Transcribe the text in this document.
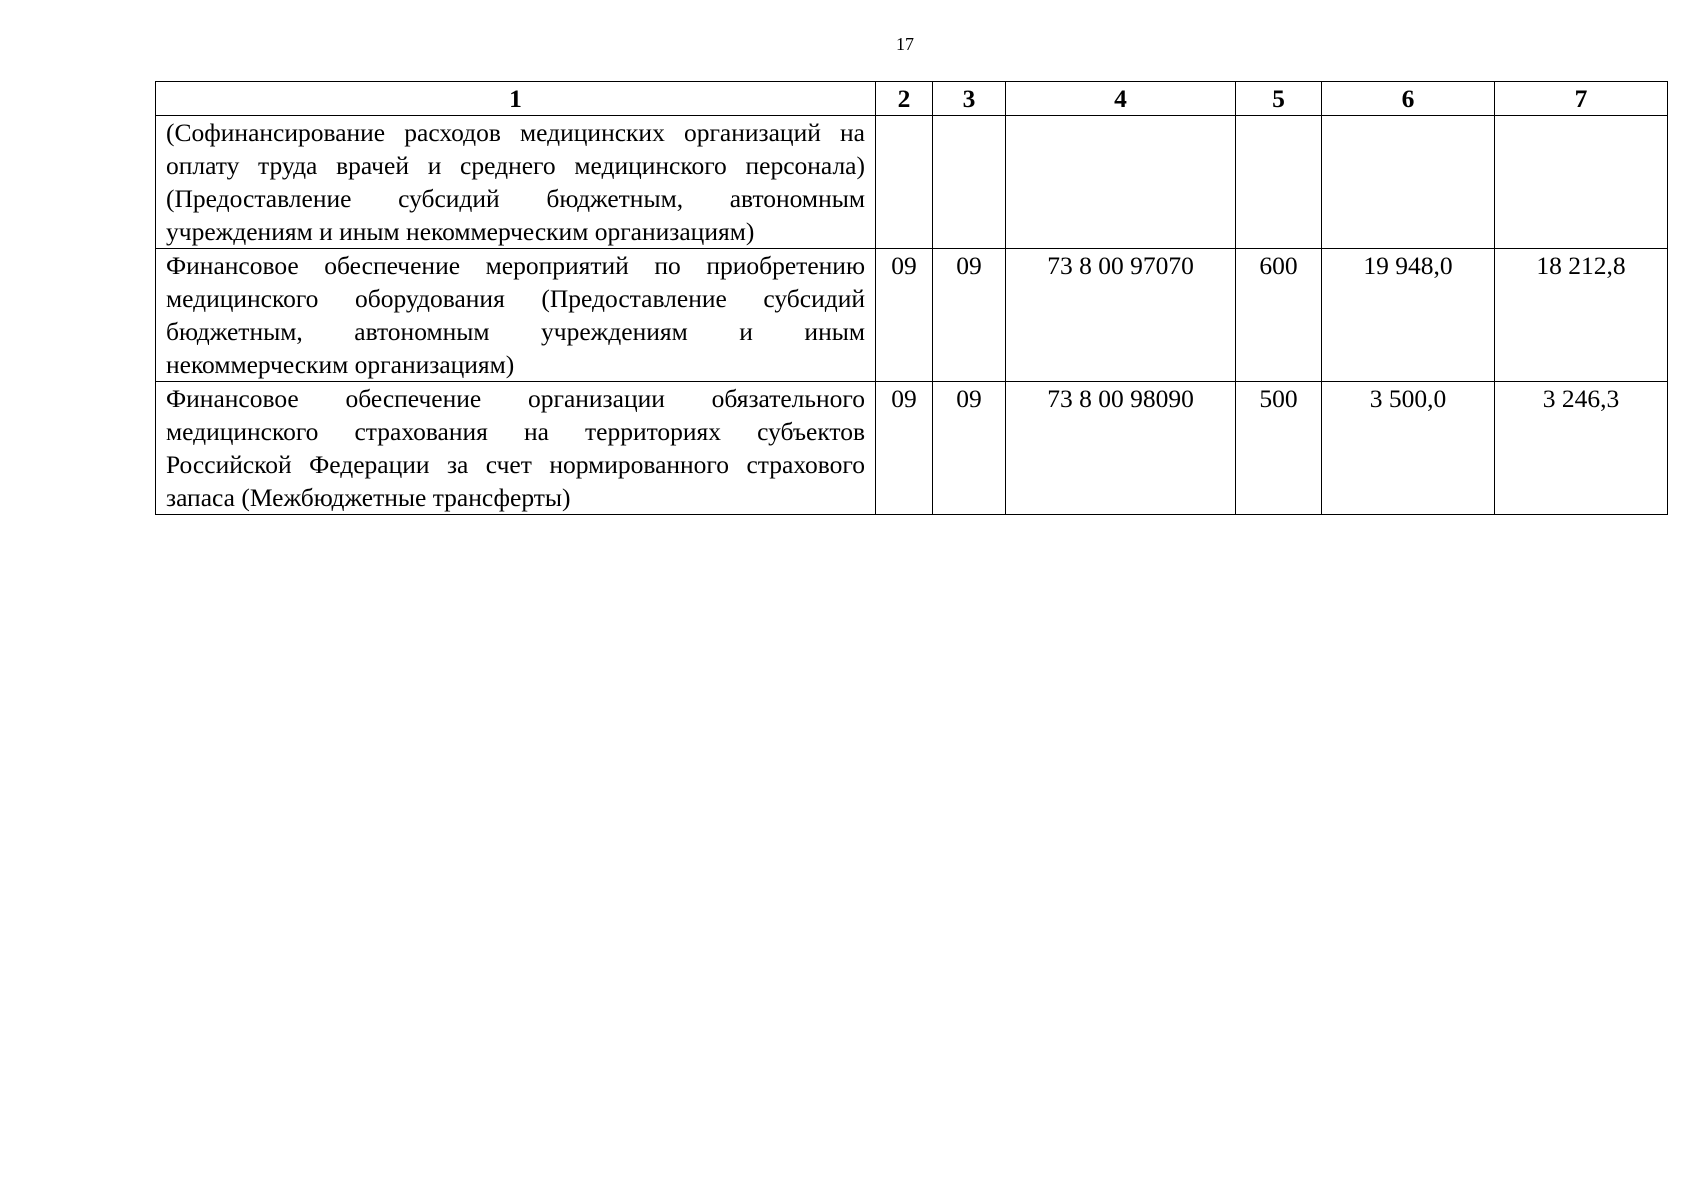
17
1	2	3	4	5	6	7
(Софинансирование расходов медицинских организаций на оплату труда врачей и среднего медицинского персонала) (Предоставление субсидий бюджетным, автономным учреждениям и иным некоммерческим организациям)						
Финансовое обеспечение мероприятий по приобретению медицинского оборудования (Предоставление субсидий бюджетным, автономным учреждениям и иным некоммерческим организациям)	09	09	73 8 00 97070	600	19 948,0	18 212,8
Финансовое обеспечение организации обязательного медицинского страхования на территориях субъектов Российской Федерации за счет нормированного страхового запаса (Межбюджетные трансферты)	09	09	73 8 00 98090	500	3 500,0	3 246,3
